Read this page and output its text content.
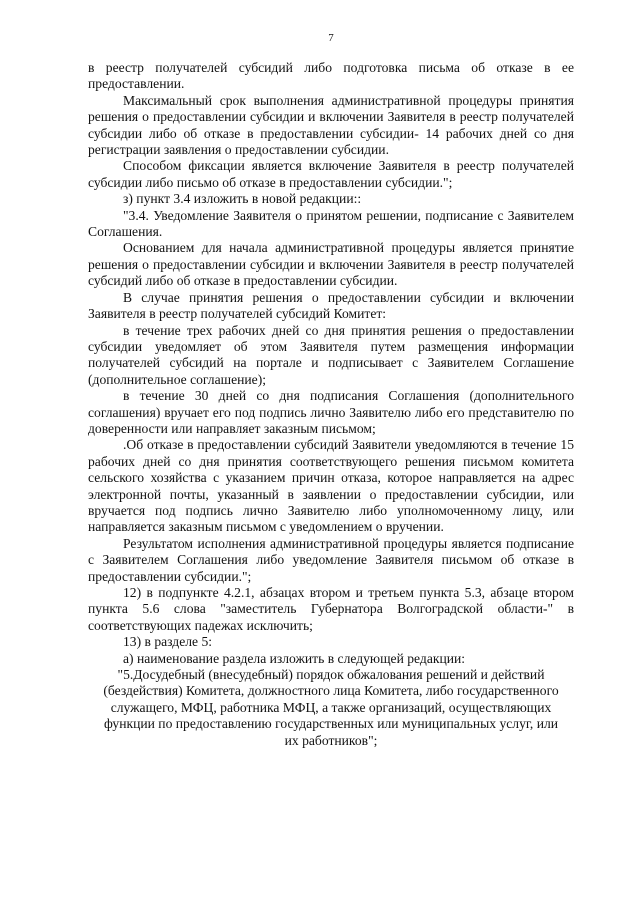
7

в реестр получателей субсидий либо подготовка письма об отказе в ее предоставлении.

Максимальный срок выполнения административной процедуры принятия решения о предоставлении субсидии и включении Заявителя в реестр получателей субсидии либо об отказе в предоставлении субсидии- 14 рабочих дней со дня регистрации заявления о предоставлении субсидии.

Способом фиксации является включение Заявителя в реестр получателей субсидии либо письмо об отказе в предоставлении субсидии.";

з) пункт 3.4 изложить в новой редакции::

"3.4. Уведомление Заявителя о принятом решении, подписание с Заявителем Соглашения.

Основанием для начала административной процедуры является принятие решения о предоставлении субсидии и включении Заявителя в реестр получателей субсидий либо об отказе в предоставлении субсидии.

В случае принятия решения о предоставлении субсидии и включении Заявителя в реестр получателей субсидий Комитет:

в течение трех рабочих дней со дня принятия решения о предоставлении субсидии уведомляет об этом Заявителя путем размещения информации получателей субсидий на портале и подписывает с Заявителем Соглашение (дополнительное соглашение);

в течение 30 дней со дня подписания Соглашения (дополнительного соглашения) вручает его под подпись лично Заявителю либо его представителю по доверенности или направляет заказным письмом;

.Об отказе в предоставлении субсидий Заявители уведомляются в течение 15 рабочих дней со дня принятия соответствующего решения письмом комитета сельского хозяйства с указанием причин отказа, которое направляется на адрес электронной почты, указанный в заявлении о предоставлении субсидии, или вручается под подпись лично Заявителю либо уполномоченному лицу, или направляется заказным письмом с уведомлением о вручении.

Результатом исполнения административной процедуры является подписание с Заявителем Соглашения либо уведомление Заявителя письмом об отказе в предоставлении субсидии.";

12) в подпункте 4.2.1, абзацах втором и третьем пункта 5.3, абзаце втором пункта 5.6 слова "заместитель Губернатора Волгоградской области-" в соответствующих падежах исключить;

13) в разделе 5:

а) наименование раздела изложить в следующей редакции:

"5.Досудебный (внесудебный) порядок обжалования решений и действий (бездействия) Комитета, должностного лица Комитета, либо государственного служащего, МФЦ, работника МФЦ, а также организаций, осуществляющих функции по предоставлению государственных или муниципальных услуг, или их работников";
